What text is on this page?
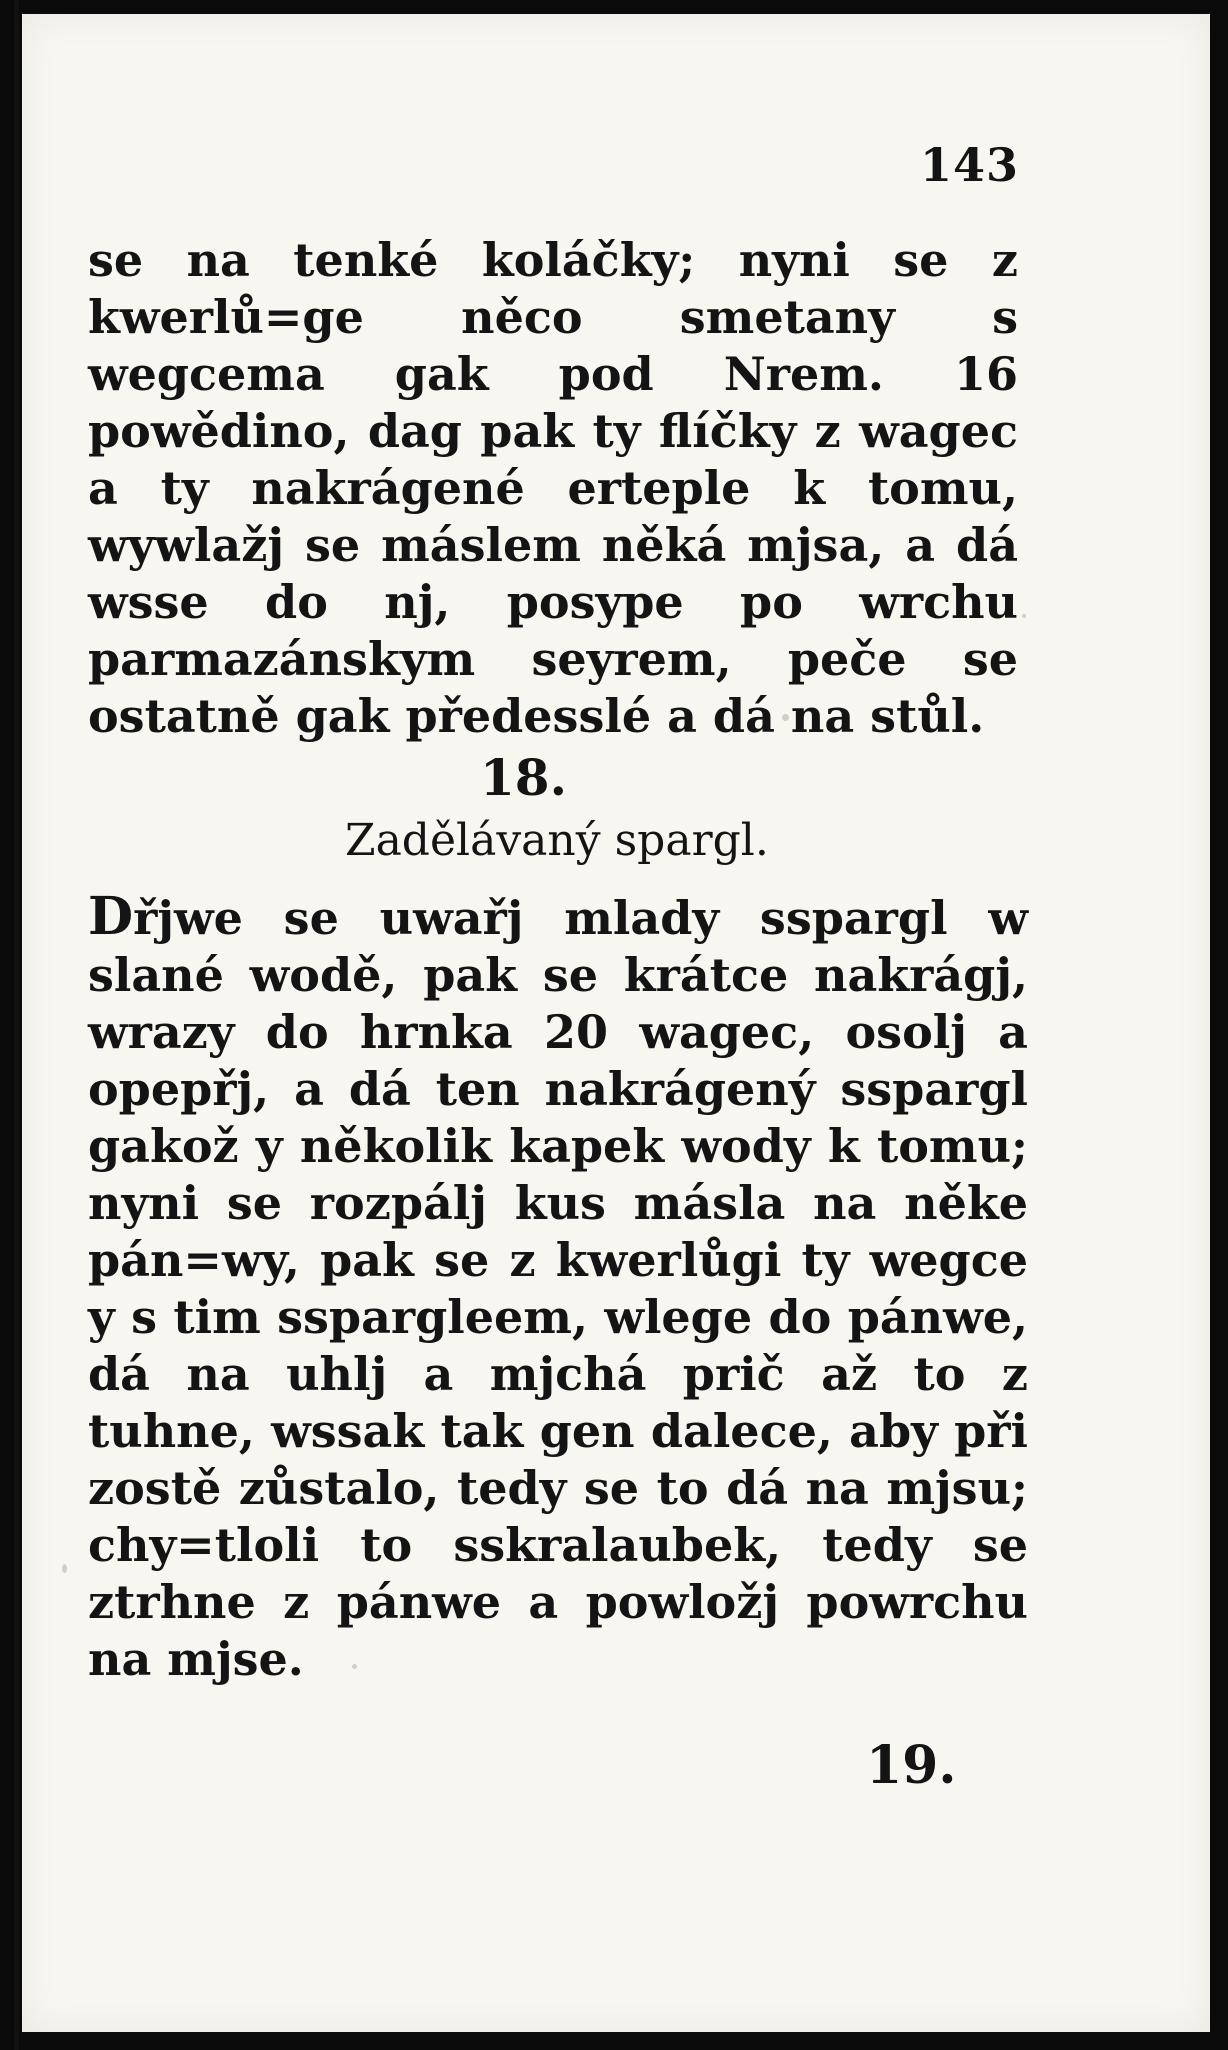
143

se na tenké koláčky; nyni se z kwerlů=ge něco smetany s wegcema gak pod Nrem. 16 powědino, dag pak ty flíčky z wagec a ty nakrágené erteple k tomu, wywlažj se máslem něká mjsa, a dá wsse do nj, posype po wrchu parmazánskym seyrem, peče se ostatně gak předesslé a dá na stůl.

18.
Zadělávaný spargl.

Dřjwe se uwařj mlady sspargl w slané wodě, pak se krátce nakrágj, wrazy do hrnka 20 wagec, osolj a opepřj, a dá ten nakrágený sspargl gakož y několik kapek wody k tomu; nyni se rozpálj kus másla na něke pán=wy, pak se z kwerlůgi ty wegce y s tim sspargleem, wlege do pánwe, dá na uhlj a mjchá prič až to z tuhne, wssak tak gen dalece, aby při zostě zůstalo, tedy se to dá na mjsu; chy=tloli to sskralaubek, tedy se ztrhne z pánwe a powložj powrchu na mjse.

19.
